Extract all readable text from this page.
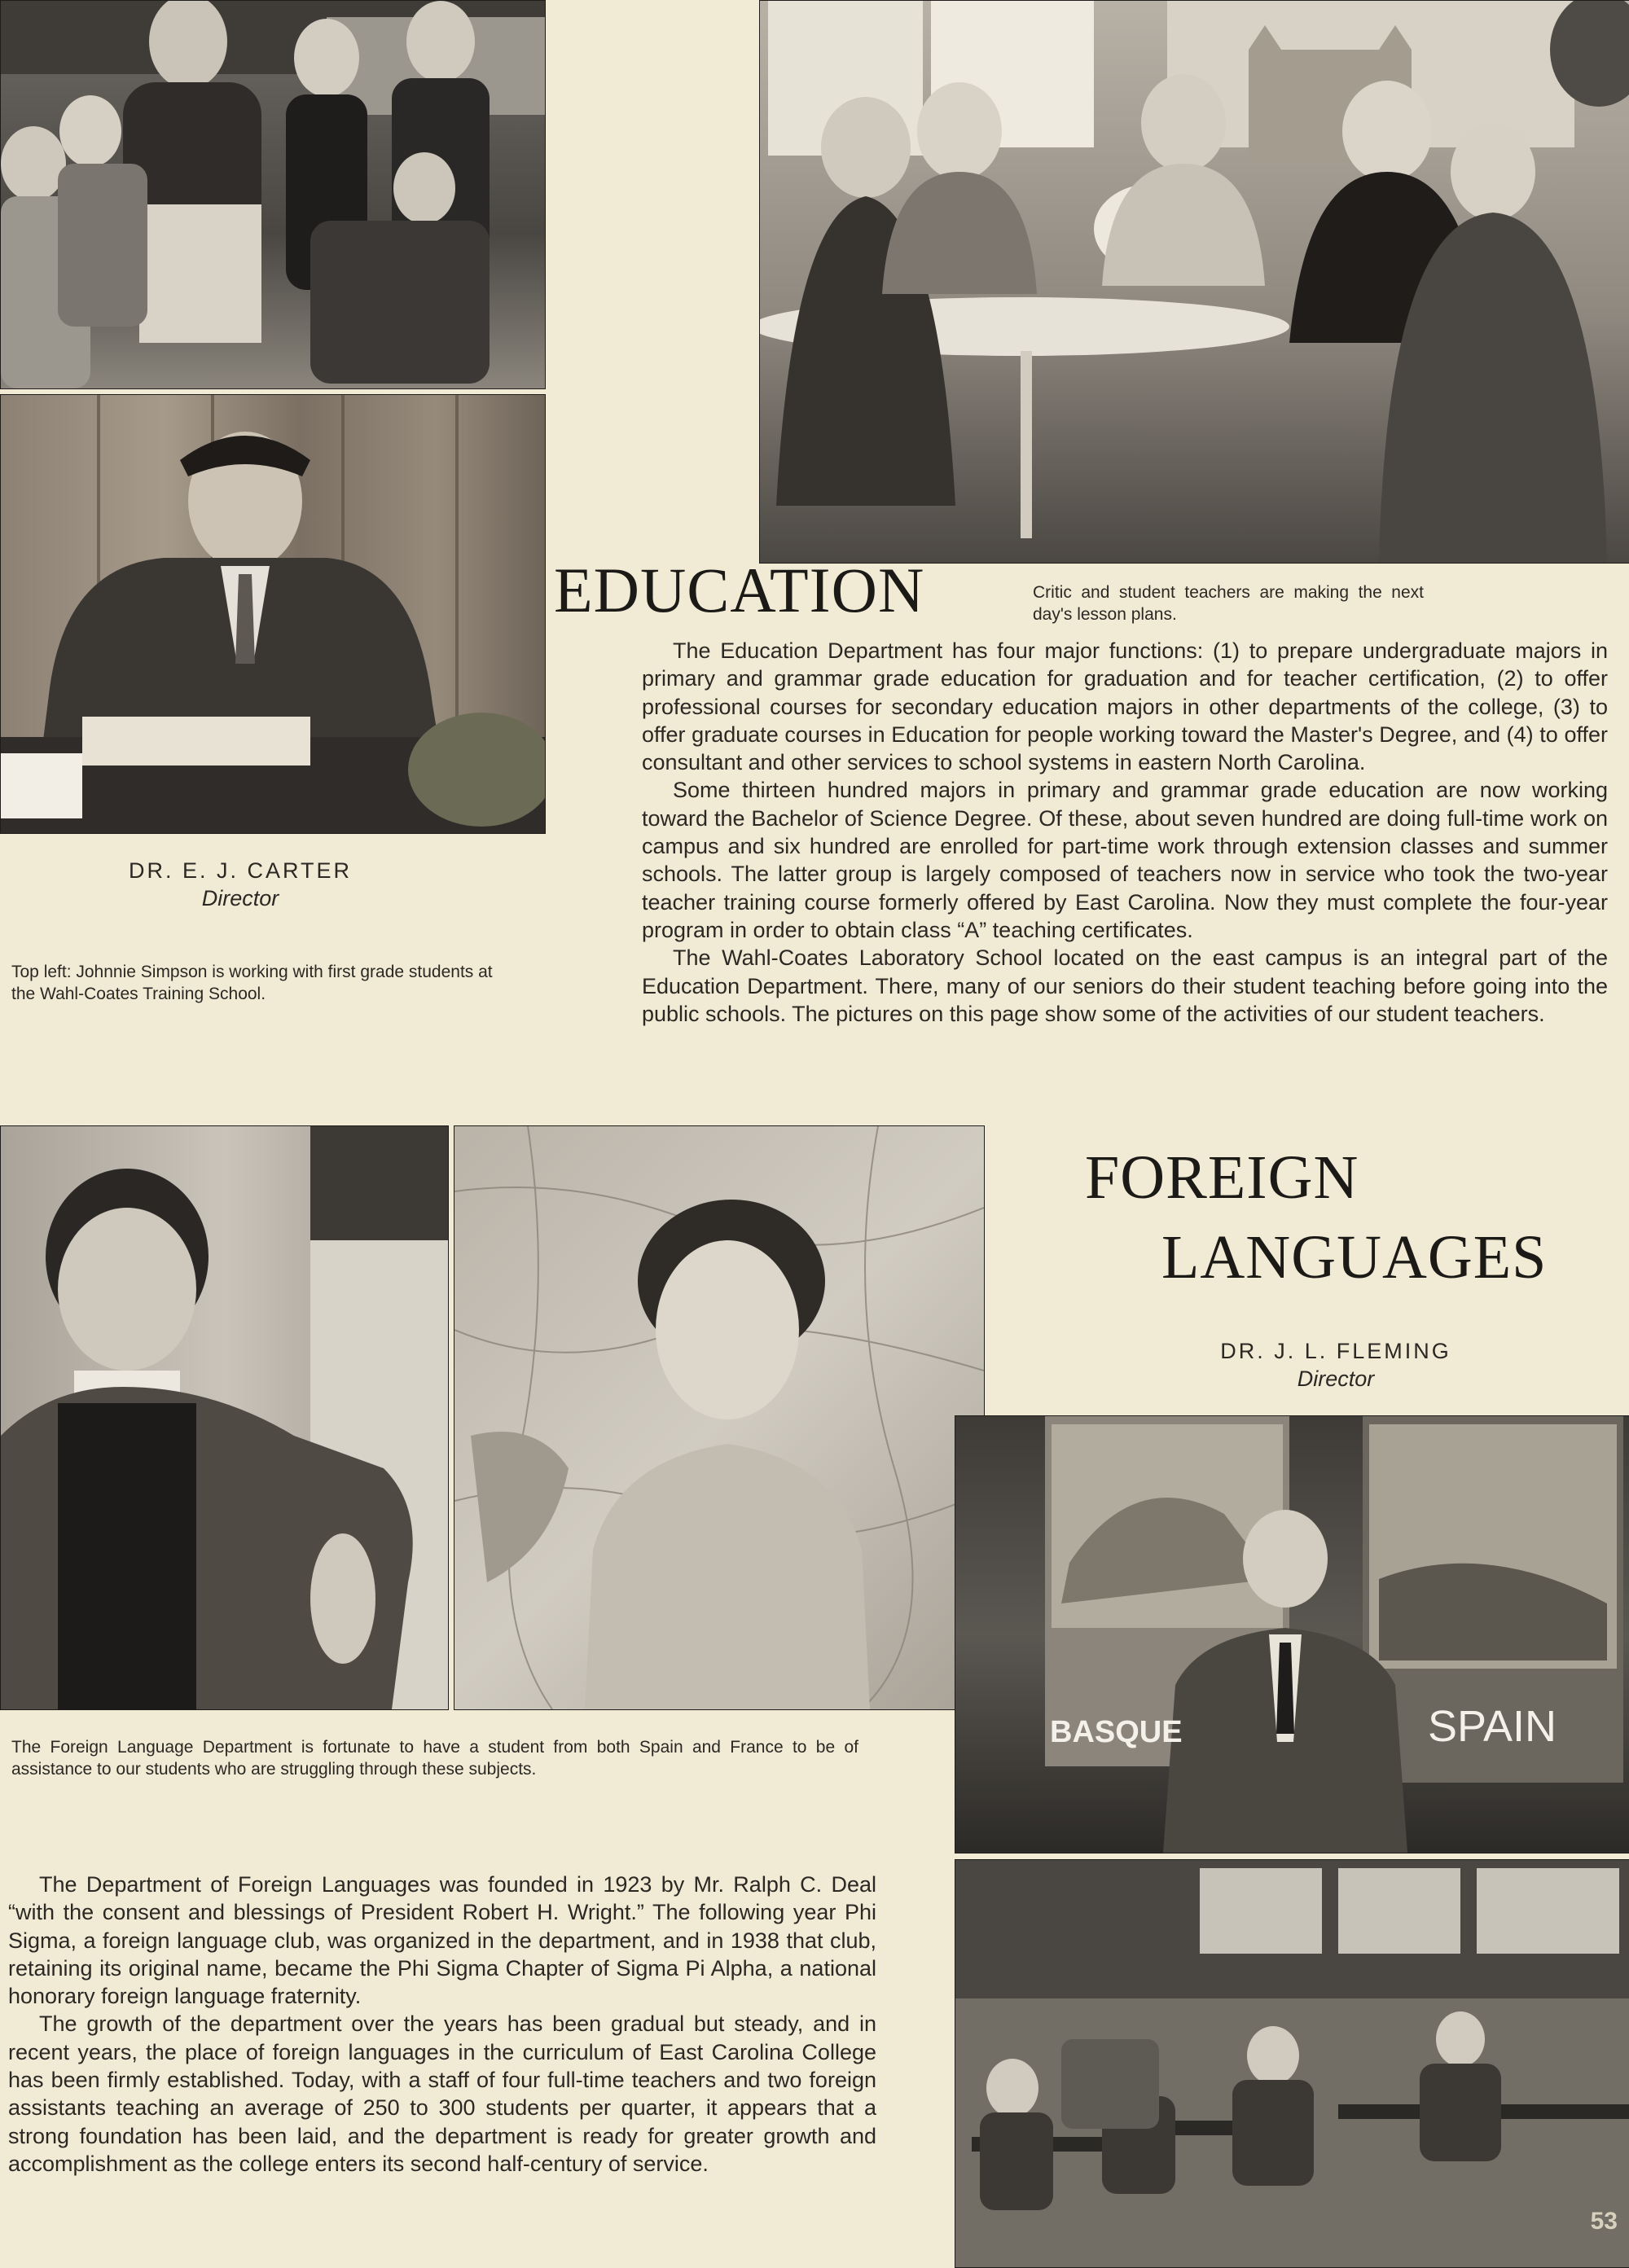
BASQUE	SPAIN
EDUCATION	Critic and student teachers are making the next day's lesson plans.

DR. E. J. CARTER
Director

Top left: Johnnie Simpson is working with first grade students at the Wahl-Coates Training School.

The Education Department has four major functions: (1) to prepare undergraduate majors in primary and grammar grade education for graduation and for teacher certification, (2) to offer professional courses for secondary education majors in other departments of the college, (3) to offer graduate courses in Education for people working toward the Master's Degree, and (4) to offer consultant and other services to school systems in eastern North Carolina.

Some thirteen hundred majors in primary and grammar grade education are now working toward the Bachelor of Science Degree. Of these, about seven hundred are doing full-time work on campus and six hundred are enrolled for part-time work through extension classes and summer schools. The latter group is largely composed of teachers now in service who took the two-year teacher training course formerly offered by East Carolina. Now they must complete the four-year program in order to obtain class “A” teaching certificates.

The Wahl-Coates Laboratory School located on the east campus is an integral part of the Education Department. There, many of our seniors do their student teaching before going into the public schools. The pictures on this page show some of the activities of our student teachers.

FOREIGN
LANGUAGES
DR. J. L. FLEMING
Director

The Foreign Language Department is fortunate to have a student from both Spain and France to be of assistance to our students who are struggling through these subjects.

The Department of Foreign Languages was founded in 1923 by Mr. Ralph C. Deal “with the consent and blessings of President Robert H. Wright.” The following year Phi Sigma, a foreign language club, was organized in the department, and in 1938 that club, retaining its original name, became the Phi Sigma Chapter of Sigma Pi Alpha, a national honorary foreign language fraternity.

The growth of the department over the years has been gradual but steady, and in recent years, the place of foreign languages in the curriculum of East Carolina College has been firmly established. Today, with a staff of four full-time teachers and two foreign assistants teaching an average of 250 to 300 students per quarter, it appears that a strong foundation has been laid, and the department is ready for greater growth and accomplishment as the college enters its second half-century of service.

53
